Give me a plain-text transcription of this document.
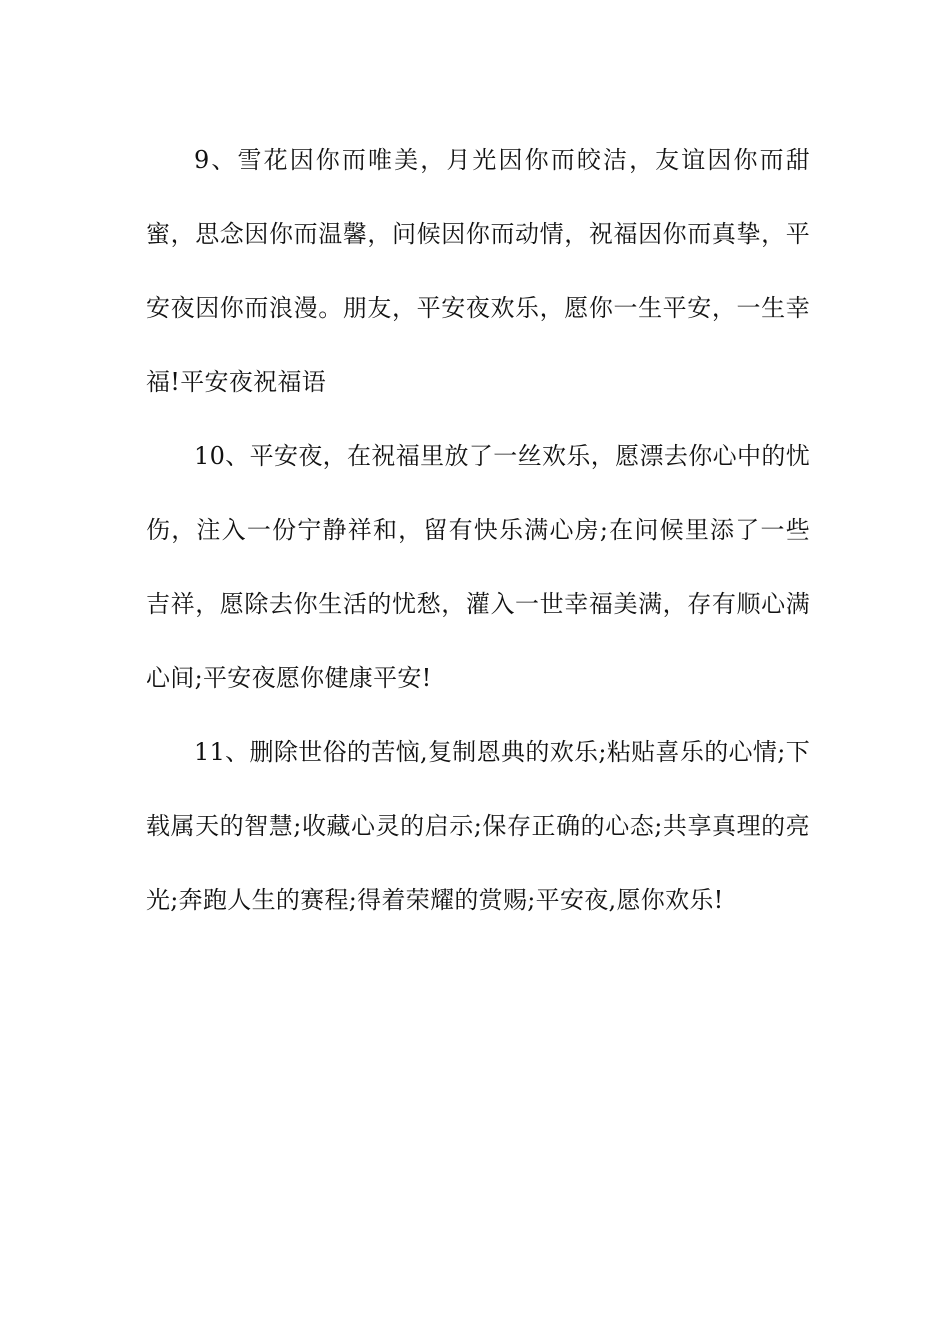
9、雪花因你而唯美，月光因你而皎洁，友谊因你而甜蜜，思念因你而温馨，问候因你而动情，祝福因你而真挚，平安夜因你而浪漫。朋友，平安夜欢乐，愿你一生平安，一生幸福!平安夜祝福语

10、平安夜，在祝福里放了一丝欢乐，愿漂去你心中的忧伤，注入一份宁静祥和，留有快乐满心房;在问候里添了一些吉祥，愿除去你生活的忧愁，灌入一世幸福美满，存有顺心满心间;平安夜愿你健康平安!

11、删除世俗的苦恼,复制恩典的欢乐;粘贴喜乐的心情;下载属天的智慧;收藏心灵的启示;保存正确的心态;共享真理的亮光;奔跑人生的赛程;得着荣耀的赏赐;平安夜,愿你欢乐!
